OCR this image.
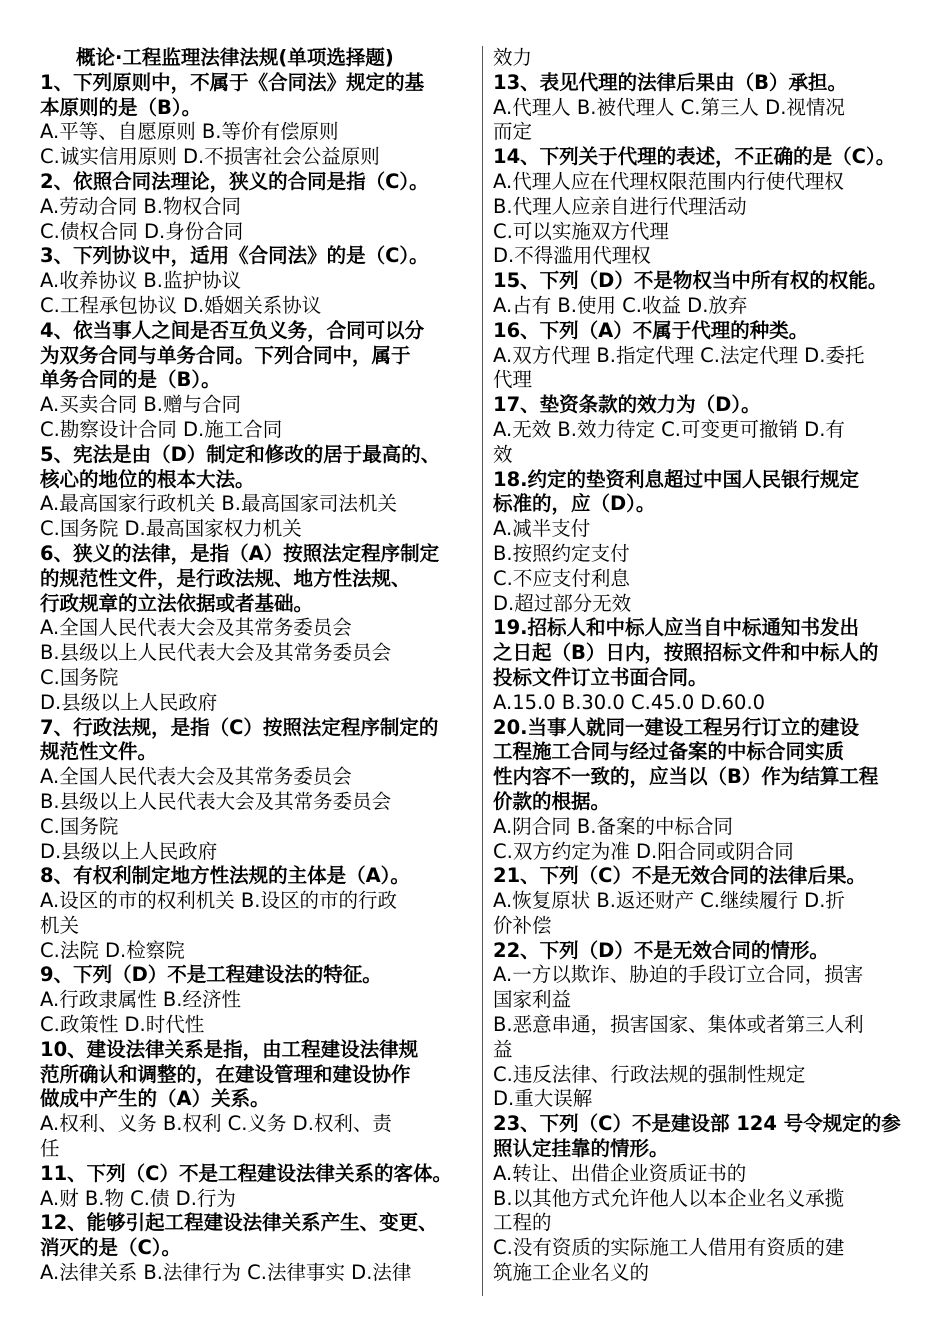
概论·工程监理法律法规(单项选择题)
1、下列原则中，不属于《合同法》规定的基
本原则的是（B）。
A.平等、自愿原则 B.等价有偿原则
C.诚实信用原则 D.不损害社会公益原则
2、依照合同法理论，狭义的合同是指（C）。
A.劳动合同 B.物权合同
C.债权合同 D.身份合同
3、下列协议中，适用《合同法》的是（C）。
A.收养协议 B.监护协议
C.工程承包协议 D.婚姻关系协议
4、依当事人之间是否互负义务，合同可以分
为双务合同与单务合同。下列合同中，属于
单务合同的是（B）。
A.买卖合同 B.赠与合同
C.勘察设计合同 D.施工合同
5、宪法是由（D）制定和修改的居于最高的、
核心的地位的根本大法。
A.最高国家行政机关 B.最高国家司法机关
C.国务院 D.最高国家权力机关
6、狭义的法律，是指（A）按照法定程序制定
的规范性文件，是行政法规、地方性法规、
行政规章的立法依据或者基础。
A.全国人民代表大会及其常务委员会
B.县级以上人民代表大会及其常务委员会
C.国务院
D.县级以上人民政府
7、行政法规，是指（C）按照法定程序制定的
规范性文件。
A.全国人民代表大会及其常务委员会
B.县级以上人民代表大会及其常务委员会
C.国务院
D.县级以上人民政府
8、有权利制定地方性法规的主体是（A）。
A.设区的市的权利机关 B.设区的市的行政
机关
C.法院 D.检察院
9、下列（D）不是工程建设法的特征。
A.行政隶属性 B.经济性
C.政策性 D.时代性
10、建设法律关系是指，由工程建设法律规
范所确认和调整的，在建设管理和建设协作
做成中产生的（A）关系。
A.权利、义务 B.权利 C.义务 D.权利、责
任
11、下列（C）不是工程建设法律关系的客体。
A.财 B.物 C.债 D.行为
12、能够引起工程建设法律关系产生、变更、
消灭的是（C）。
A.法律关系 B.法律行为 C.法律事实 D.法律
效力
13、表见代理的法律后果由（B）承担。
A.代理人 B.被代理人 C.第三人 D.视情况
而定
14、下列关于代理的表述，不正确的是（C）。
A.代理人应在代理权限范围内行使代理权
B.代理人应亲自进行代理活动
C.可以实施双方代理
D.不得滥用代理权
15、下列（D）不是物权当中所有权的权能。
A.占有 B.使用 C.收益 D.放弃
16、下列（A）不属于代理的种类。
A.双方代理 B.指定代理 C.法定代理 D.委托
代理
17、垫资条款的效力为（D）。
A.无效 B.效力待定 C.可变更可撤销 D.有
效
18.约定的垫资利息超过中国人民银行规定
标准的，应（D）。
A.减半支付
B.按照约定支付
C.不应支付利息
D.超过部分无效
19.招标人和中标人应当自中标通知书发出
之日起（B）日内，按照招标文件和中标人的
投标文件订立书面合同。
A.15.0 B.30.0 C.45.0 D.60.0
20.当事人就同一建设工程另行订立的建设
工程施工合同与经过备案的中标合同实质
性内容不一致的，应当以（B）作为结算工程
价款的根据。
A.阴合同 B.备案的中标合同
C.双方约定为准 D.阳合同或阴合同
21、下列（C）不是无效合同的法律后果。
A.恢复原状 B.返还财产 C.继续履行 D.折
价补偿
22、下列（D）不是无效合同的情形。
A.一方以欺诈、胁迫的手段订立合同，损害
国家利益
B.恶意串通，损害国家、集体或者第三人利
益
C.违反法律、行政法规的强制性规定
D.重大误解
23、下列（C）不是建设部 124 号令规定的参
照认定挂靠的情形。
A.转让、出借企业资质证书的
B.以其他方式允许他人以本企业名义承揽
工程的
C.没有资质的实际施工人借用有资质的建
筑施工企业名义的
